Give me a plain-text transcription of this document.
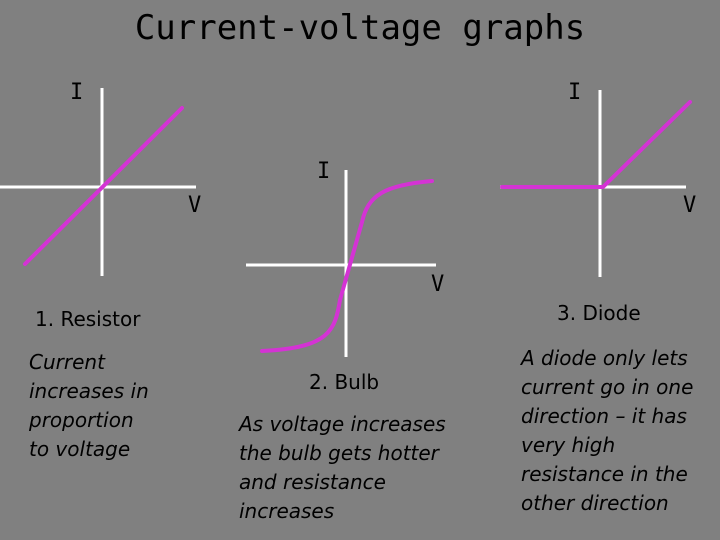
Current-voltage graphs
I
V
I
V
I
V
1. Resistor
Current
increases in
proportion
to voltage
2. Bulb
As voltage increases
the bulb gets hotter
and resistance
increases
3. Diode
A diode only lets
current go in one
direction – it has
very high
resistance in the
other direction
